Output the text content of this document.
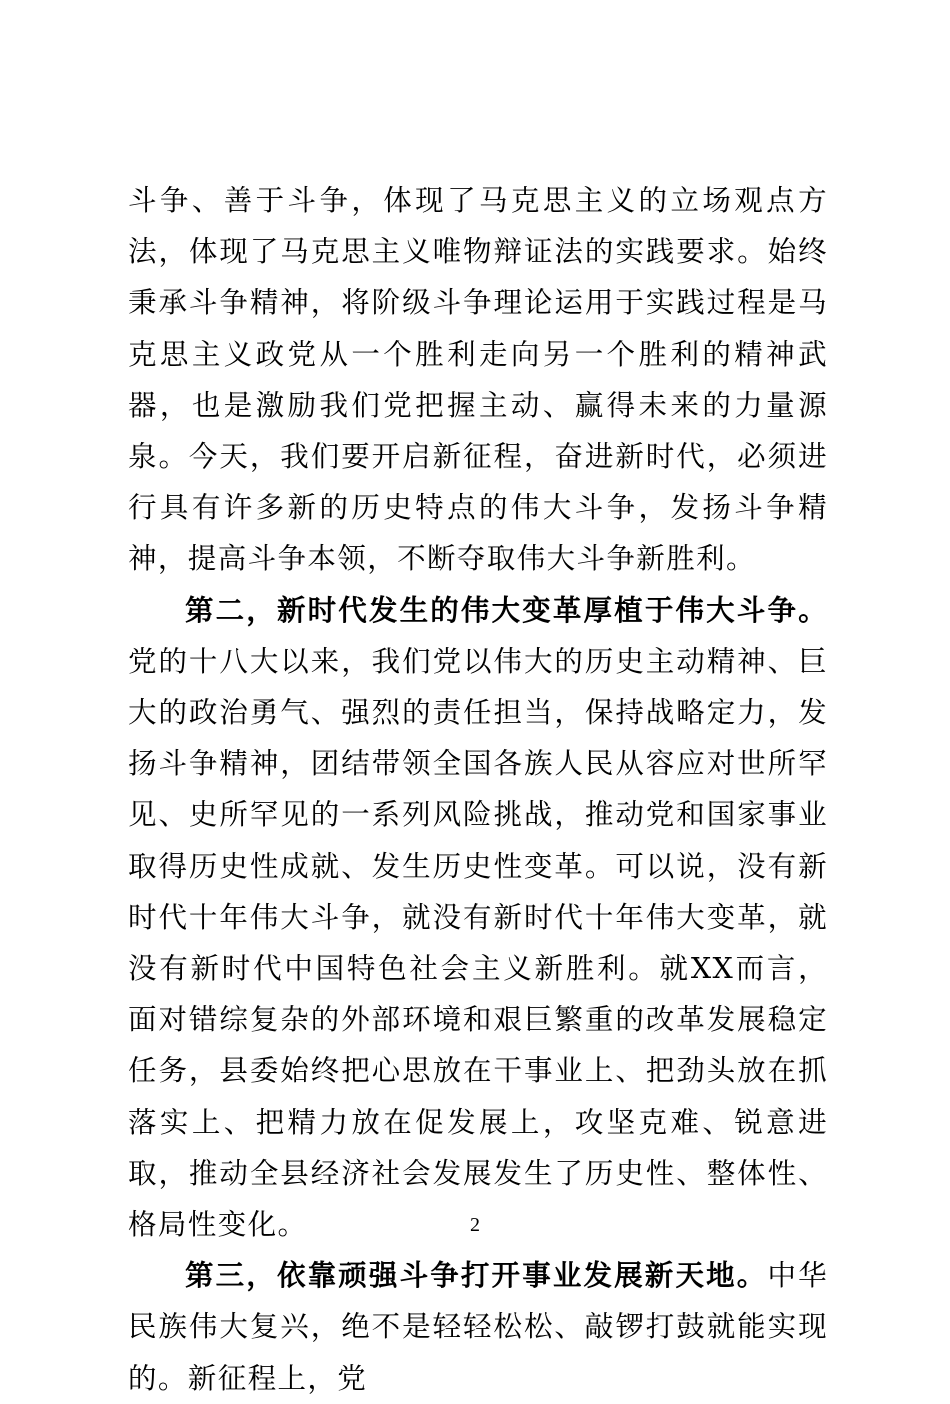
斗争、善于斗争，体现了马克思主义的立场观点方法，体现了马克思主义唯物辩证法的实践要求。始终秉承斗争精神，将阶级斗争理论运用于实践过程是马克思主义政党从一个胜利走向另一个胜利的精神武器，也是激励我们党把握主动、赢得未来的力量源泉。今天，我们要开启新征程，奋进新时代，必须进行具有许多新的历史特点的伟大斗争，发扬斗争精神，提高斗争本领，不断夺取伟大斗争新胜利。

第二，新时代发生的伟大变革厚植于伟大斗争。党的十八大以来，我们党以伟大的历史主动精神、巨大的政治勇气、强烈的责任担当，保持战略定力，发扬斗争精神，团结带领全国各族人民从容应对世所罕见、史所罕见的一系列风险挑战，推动党和国家事业取得历史性成就、发生历史性变革。可以说，没有新时代十年伟大斗争，就没有新时代十年伟大变革，就没有新时代中国特色社会主义新胜利。就XX而言，面对错综复杂的外部环境和艰巨繁重的改革发展稳定任务，县委始终把心思放在干事业上、把劲头放在抓落实上、把精力放在促发展上，攻坚克难、锐意进取，推动全县经济社会发展发生了历史性、整体性、格局性变化。

第三，依靠顽强斗争打开事业发展新天地。中华民族伟大复兴，绝不是轻轻松松、敲锣打鼓就能实现的。新征程上，党

2
